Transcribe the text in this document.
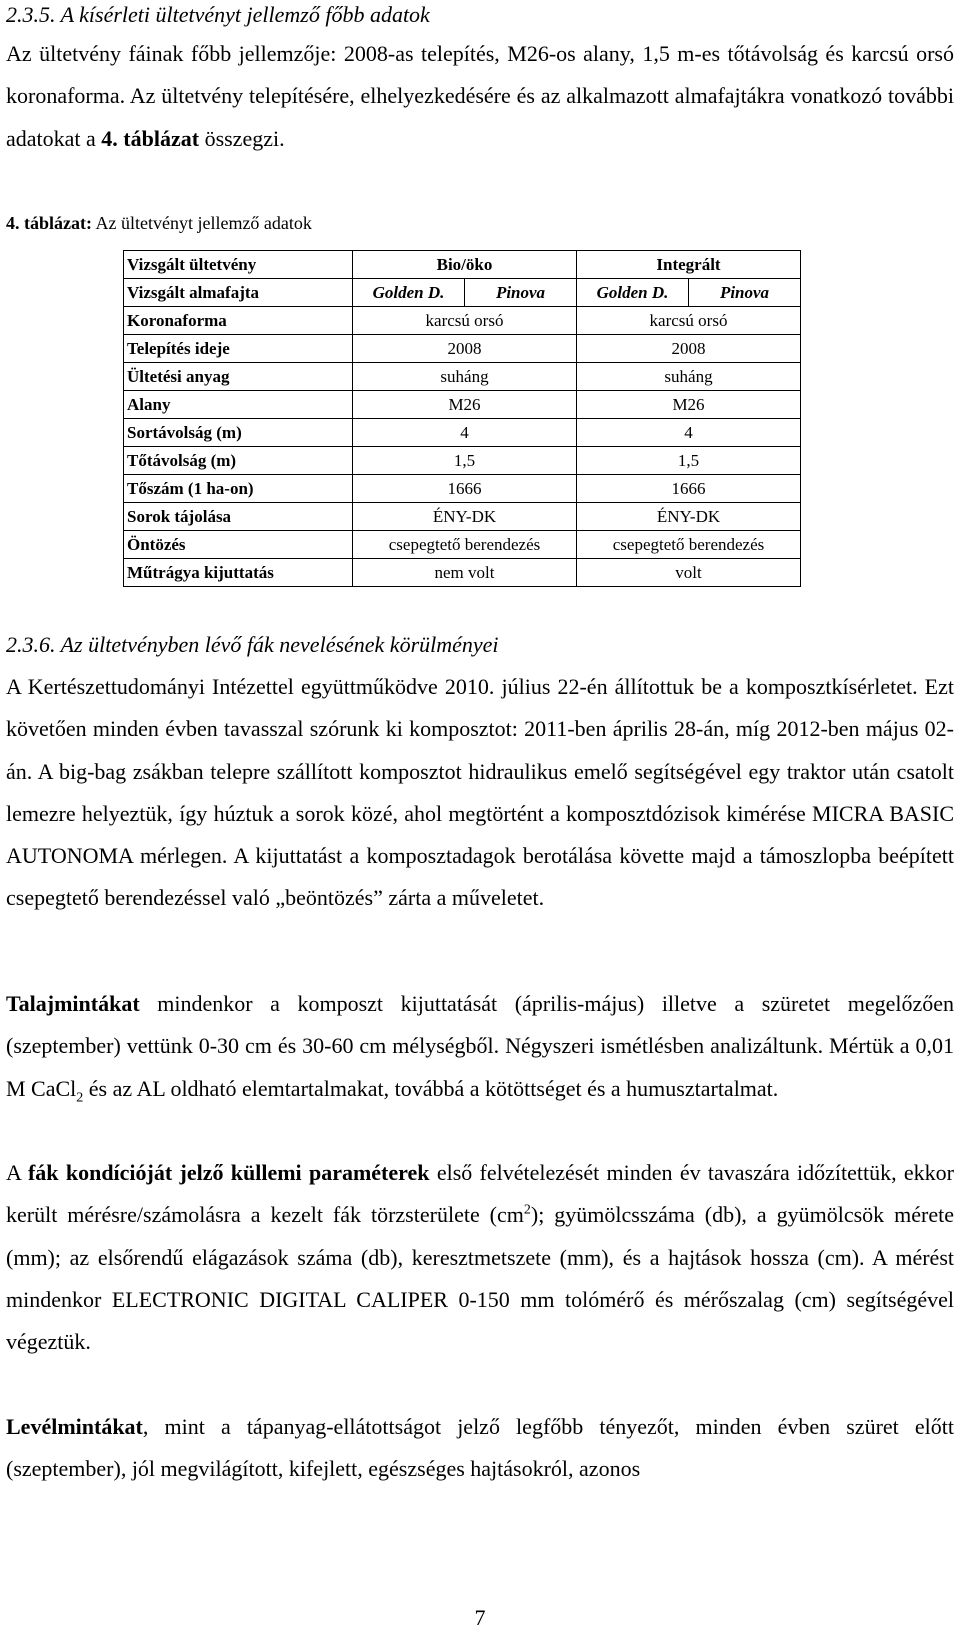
2.3.5. A kísérleti ültetvényt jellemző főbb adatok

Az ültetvény fáinak főbb jellemzője: 2008-as telepítés, M26-os alany, 1,5 m-es tőtávolság és karcsú orsó koronaforma. Az ültetvény telepítésére, elhelyezkedésére és az alkalmazott almafajtákra vonatkozó további adatokat a 4. táblázat összegzi.

4. táblázat: Az ültetvényt jellemző adatok
Vizsgált ültetvény	Bio/öko		Integrált	
Vizsgált almafajta	Golden D.	Pinova	Golden D.	Pinova
Koronaforma	karcsú orsó		karcsú orsó	
Telepítés ideje	2008		2008	
Ültetési anyag	suháng		suháng	
Alany	M26		M26	
Sortávolság (m)	4		4	
Tőtávolság (m)	1,5		1,5	
Tőszám (1 ha-on)	1666		1666	
Sorok tájolása	ÉNY-DK		ÉNY-DK	
Öntözés	csepegtető berendezés		csepegtető berendezés	
Műtrágya kijuttatás	nem volt		volt	
2.3.6. Az ültetvényben lévő fák nevelésének körülményei

A Kertészettudományi Intézettel együttműködve 2010. július 22-én állítottuk be a komposztkísérletet. Ezt követően minden évben tavasszal szórunk ki komposztot: 2011-ben április 28-án, míg 2012-ben május 02-án. A big-bag zsákban telepre szállított komposztot hidraulikus emelő segítségével egy traktor után csatolt lemezre helyeztük, így húztuk a sorok közé, ahol megtörtént a komposztdózisok kimérése MICRA BASIC AUTONOMA mérlegen. A kijuttatást a komposztadagok berotálása követte majd a támoszlopba beépített csepegtető berendezéssel való „beöntözés” zárta a műveletet.

Talajmintákat mindenkor a komposzt kijuttatását (április-május) illetve a szüretet megelőzően (szeptember) vettünk 0-30 cm és 30-60 cm mélységből. Négyszeri ismétlésben analizáltunk. Mértük a 0,01 M CaCl$_2$ és az AL oldható elemtartalmakat, továbbá a kötöttséget és a humusztartalmat.

A fák kondícióját jelző küllemi paraméterek első felvételezését minden év tavaszára időzítettük, ekkor került mérésre/számolásra a kezelt fák törzsterülete $(cm^2)$; gyümölcsszáma (db), a gyümölcsök mérete (mm); az elsőrendű elágazások száma (db), keresztmetszete (mm), és a hajtások hossza (cm). A mérést mindenkor ELECTRONIC DIGITAL CALIPER 0-150 mm tolómérő és mérőszalag (cm) segítségével végeztük.

Levélmintákat, mint a tápanyag-ellátottságot jelző legfőbb tényezőt, minden évben szüret előtt (szeptember), jól megvilágított, kifejlett, egészséges hajtásokról, azonos

7
